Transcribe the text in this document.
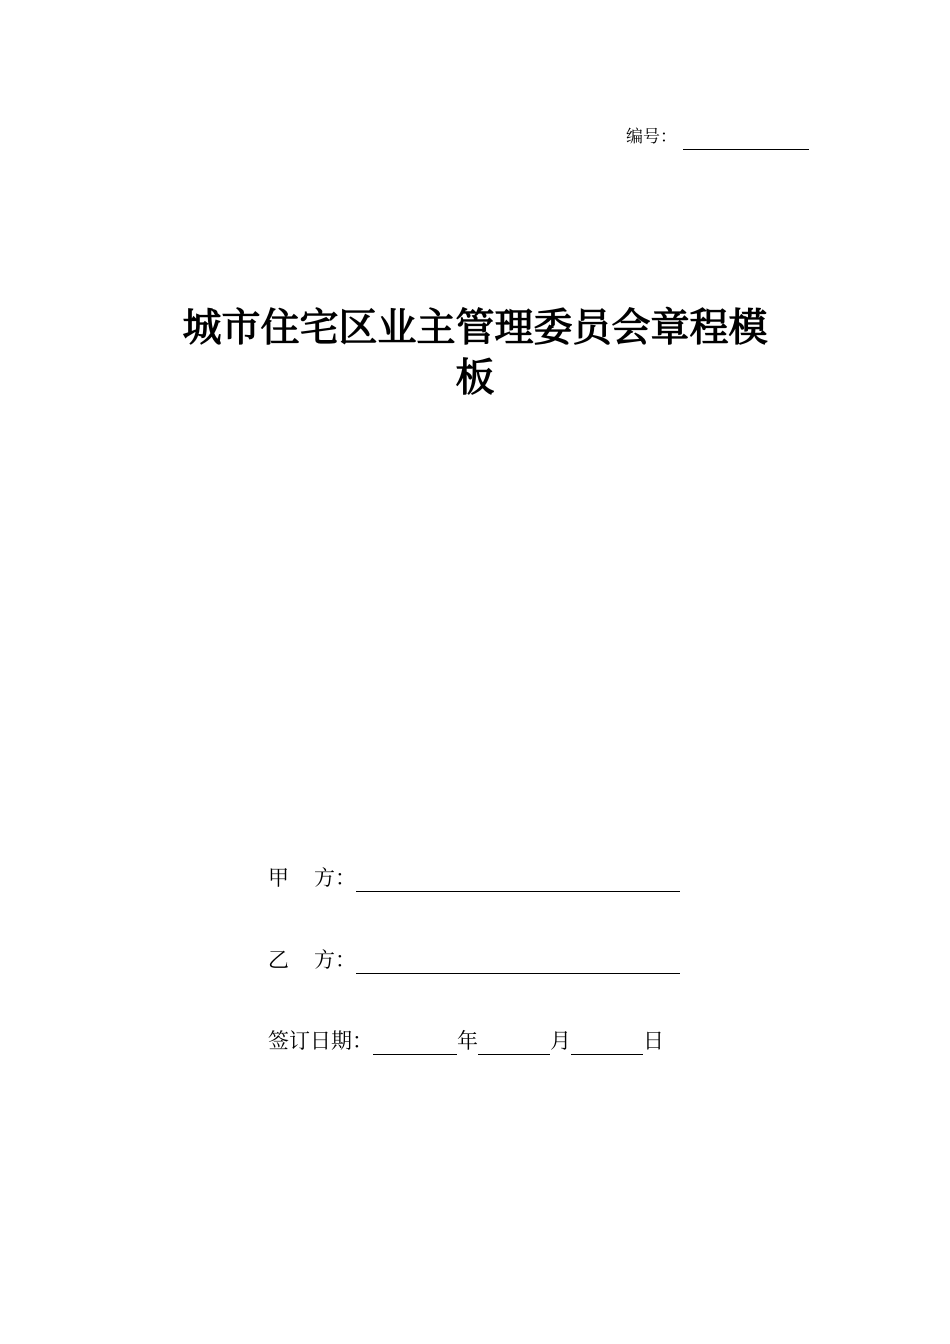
编号：
城市住宅区业主管理委员会章程模
板
甲 方：
乙 方：
签订日期：	年	月	日
